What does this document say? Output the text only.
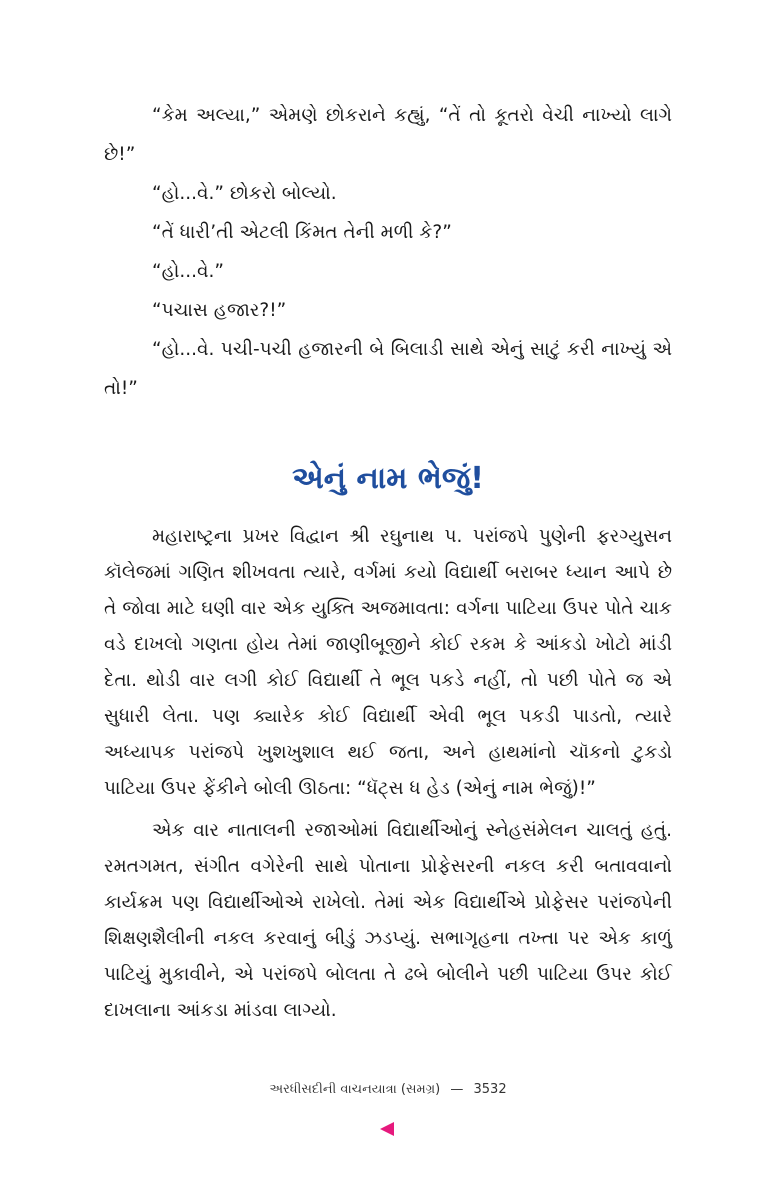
“કેમ અલ્યા,” એમણે છોકરાને કહ્યું, “તેં તો કૂતરો વેચી નાખ્યો લાગે છે!”

“હો...વે.” છોકરો બોલ્યો.

“તેં ધારી’તી એટલી કિંમત તેની મળી કે?”

“હો...વે.”

“પચાસ હજાર?!”

“હો...વે. પચી-પચી હજારની બે બિલાડી સાથે એનું સાટું કરી નાખ્યું એ તો!”

એનું નામ ભેજું!

મહારાષ્ટ્રના પ્રખર વિદ્વાન શ્રી રઘુનાથ પ. પરાંજપે પુણેની ફરગ્યુસન કૉલેજમાં ગણિત શીખવતા ત્યારે, વર્ગમાં કયો વિદ્યાર્થી બરાબર ધ્યાન આપે છે તે જોવા માટે ઘણી વાર એક યુક્તિ અજમાવતા: વર્ગના પાટિયા ઉપર પોતે ચાક વડે દાખલો ગણતા હોય તેમાં જાણીબૂજીને કોઈ રકમ કે આંકડો ખોટો માંડી દેતા. થોડી વાર લગી કોઈ વિદ્યાર્થી તે ભૂલ પકડે નહીં, તો પછી પોતે જ એ સુધારી લેતા. પણ ક્યારેક કોઈ વિદ્યાર્થી એવી ભૂલ પકડી પાડતો, ત્યારે અધ્યાપક પરાંજપે ખુશખુશાલ થઈ જતા, અને હાથમાંનો ચૉકનો ટુકડો પાટિયા ઉપર ફેંકીને બોલી ઊઠતા: “ધૅટ્સ ધ હેડ (એનું નામ ભેજું)!”

એક વાર નાતાલની રજાઓમાં વિદ્યાર્થીઓનું સ્નેહસંમેલન ચાલતું હતું. રમતગમત, સંગીત વગેરેની સાથે પોતાના પ્રોફેસરની નકલ કરી બતાવવાનો કાર્યક્રમ પણ વિદ્યાર્થીઓએ રાખેલો. તેમાં એક વિદ્યાર્થીએ પ્રોફેસર પરાંજપેની શિક્ષણશૈલીની નકલ કરવાનું બીડું ઝડપ્યું. સભાગૃહના તખ્તા પર એક કાળું પાટિયું મુકાવીને, એ પરાંજપે બોલતા તે ઢબે બોલીને પછી પાટિયા ઉપર કોઈ દાખલાના આંકડા માંડવા લાગ્યો.

અરધીસદીની વાચનયાત્રા (સમગ્ર) — 3532
